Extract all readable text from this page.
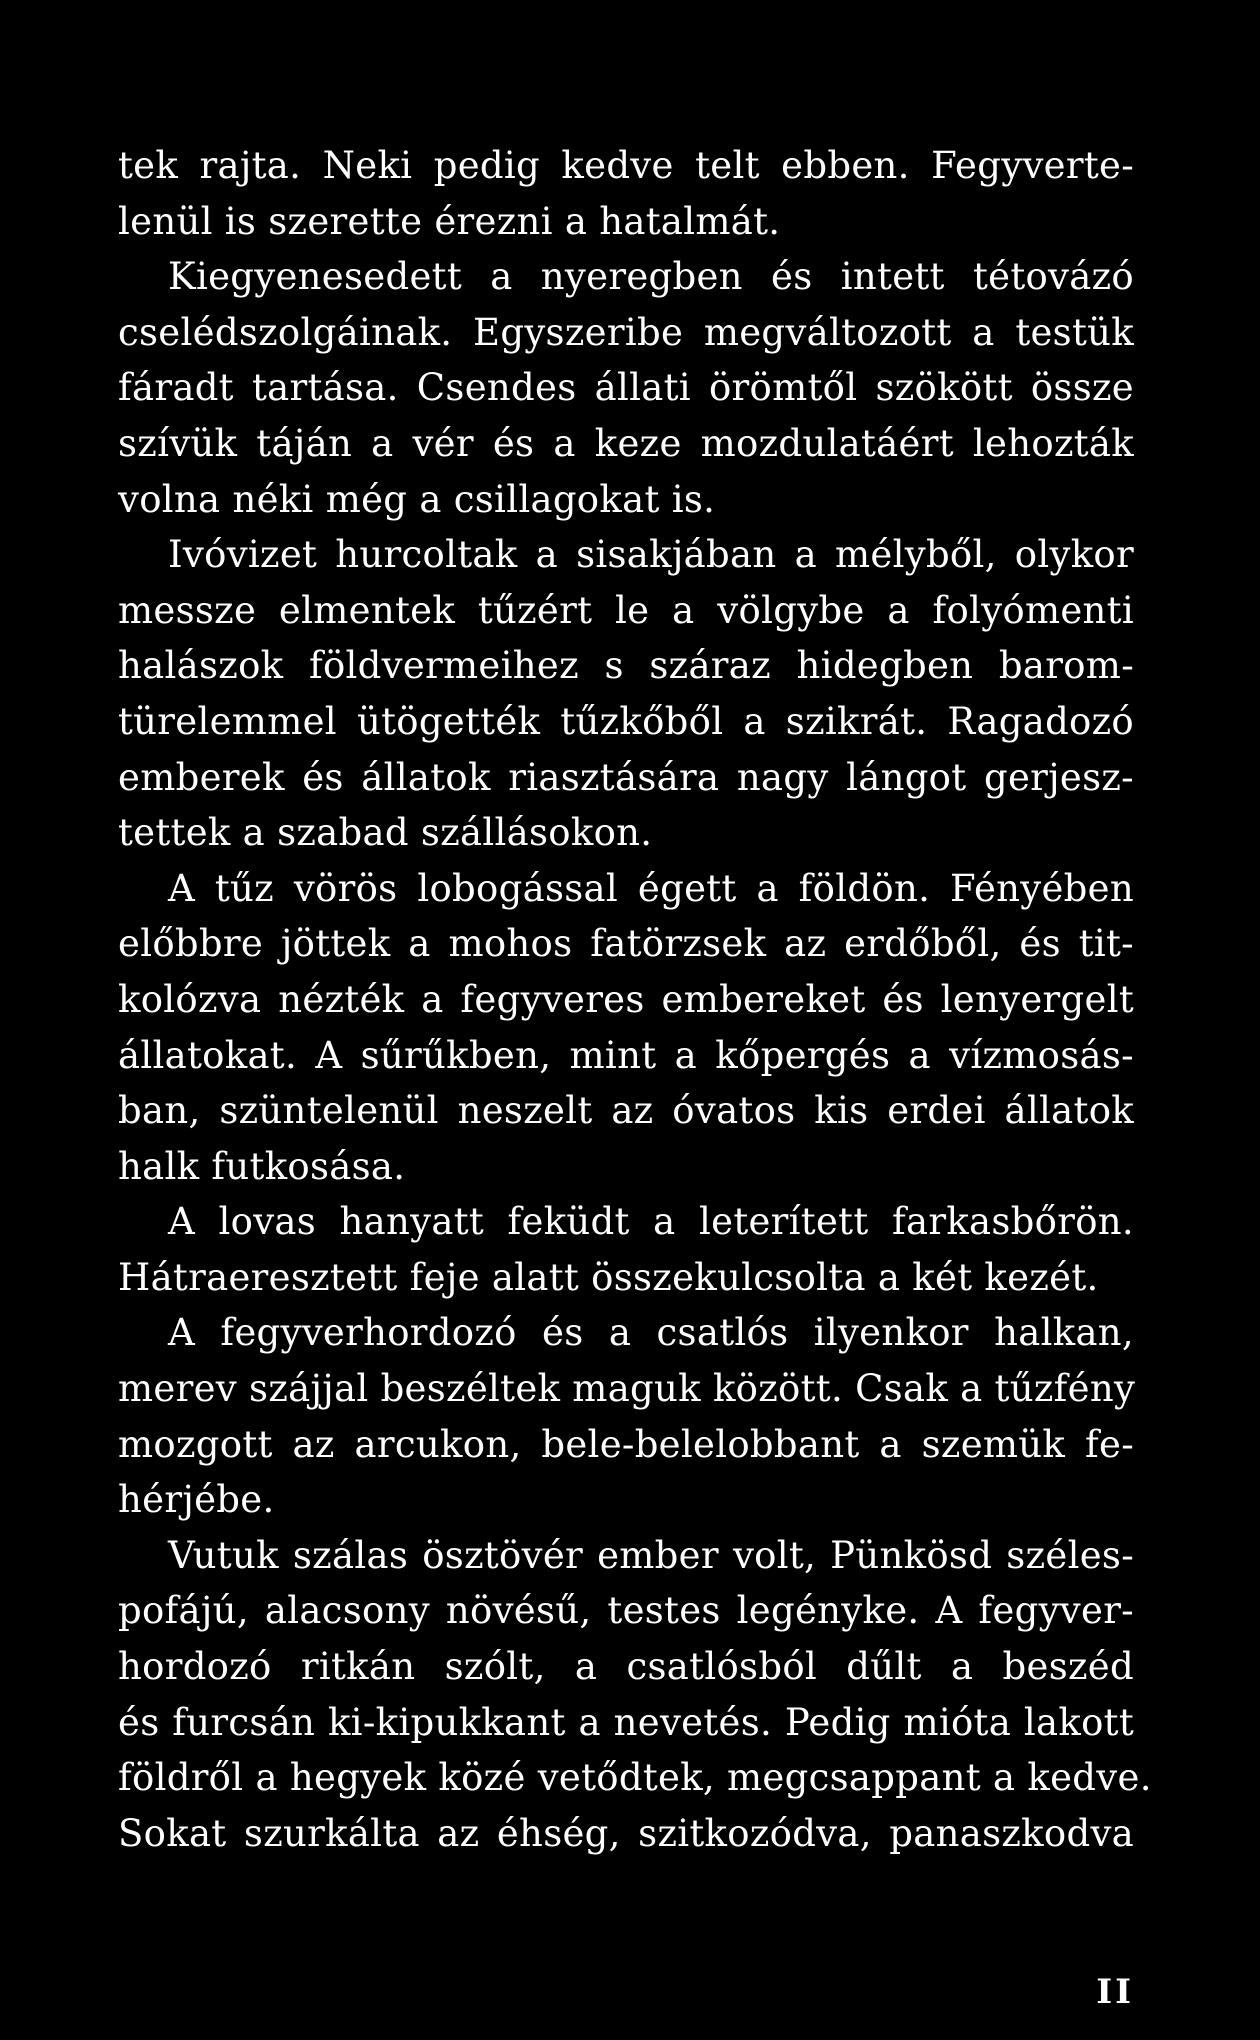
tek rajta. Neki pedig kedve telt ebben. Fegyverte-
lenül is szerette érezni a hatalmát.
Kiegyenesedett a nyeregben és intett tétovázó
cselédszolgáinak. Egyszeribe megváltozott a testük
fáradt tartása. Csendes állati örömtől szökött össze
szívük táján a vér és a keze mozdulatáért lehozták
volna néki még a csillagokat is.
Ivóvizet hurcoltak a sisakjában a mélyből, olykor
messze elmentek tűzért le a völgybe a folyómenti
halászok földvermeihez s száraz hidegben barom-
türelemmel ütögették tűzkőből a szikrát. Ragadozó
emberek és állatok riasztására nagy lángot gerjesz-
tettek a szabad szállásokon.
A tűz vörös lobogással égett a földön. Fényében
előbbre jöttek a mohos fatörzsek az erdőből, és tit-
kolózva nézték a fegyveres embereket és lenyergelt
állatokat. A sűrűkben, mint a kőpergés a vízmosás-
ban, szüntelenül neszelt az óvatos kis erdei állatok
halk futkosása.
A lovas hanyatt feküdt a leterített farkasbőrön.
Hátraeresztett feje alatt összekulcsolta a két kezét.
A fegyverhordozó és a csatlós ilyenkor halkan,
merev szájjal beszéltek maguk között. Csak a tűzfény
mozgott az arcukon, bele-belelobbant a szemük fe-
hérjébe.
Vutuk szálas ösztövér ember volt, Pünkösd széles-
pofájú, alacsony növésű, testes legényke. A fegyver-
hordozó ritkán szólt, a csatlósból dűlt a beszéd
és furcsán ki-kipukkant a nevetés. Pedig mióta lakott
földről a hegyek közé vetődtek, megcsappant a kedve.
Sokat szurkálta az éhség, szitkozódva, panaszkodva
II
